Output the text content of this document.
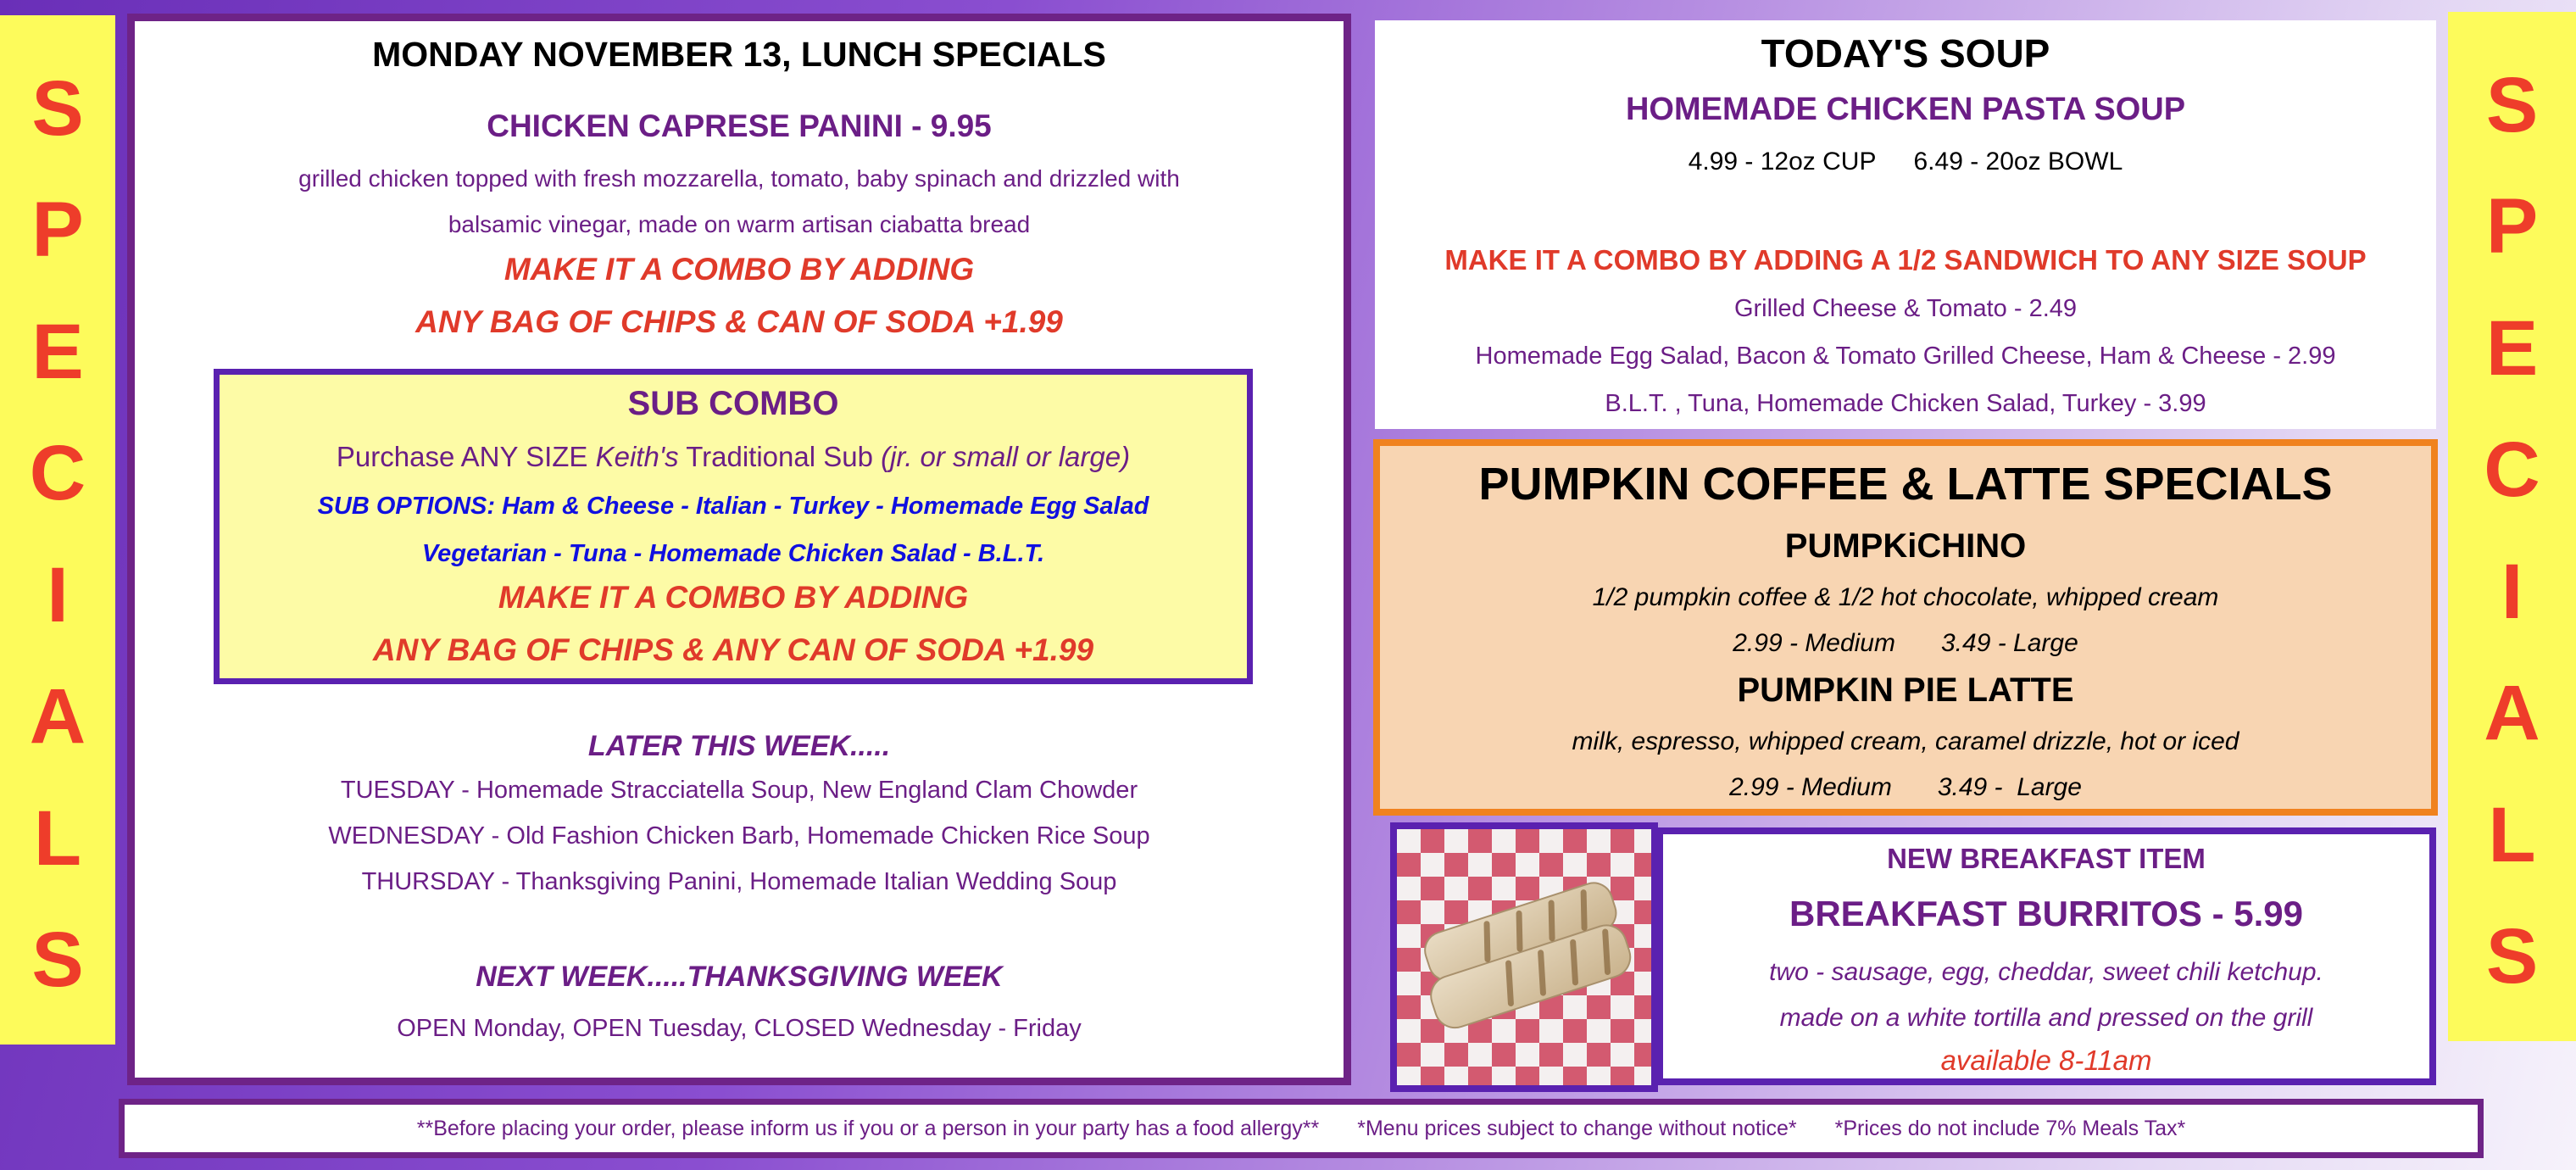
S
P
E
C
I
A
L
S
S
P
E
C
I
A
L
S
MONDAY NOVEMBER 13, LUNCH SPECIALS
CHICKEN CAPRESE PANINI - 9.95
grilled chicken topped with fresh mozzarella, tomato, baby spinach and drizzled with
balsamic vinegar, made on warm artisan ciabatta bread
MAKE IT A COMBO BY ADDING
ANY BAG OF CHIPS & CAN OF SODA +1.99
LATER THIS WEEK.....
TUESDAY - Homemade Stracciatella Soup, New England Clam Chowder
WEDNESDAY - Old Fashion Chicken Barb, Homemade Chicken Rice Soup
THURSDAY - Thanksgiving Panini, Homemade Italian Wedding Soup
NEXT WEEK.....THANKSGIVING WEEK
OPEN Monday, OPEN Tuesday, CLOSED Wednesday - Friday
SUB COMBO
Purchase ANY SIZE Keith's Traditional Sub (jr. or small or large)
SUB OPTIONS: Ham & Cheese - Italian - Turkey - Homemade Egg Salad
Vegetarian - Tuna - Homemade Chicken Salad - B.L.T.
MAKE IT A COMBO BY ADDING
ANY BAG OF CHIPS & ANY CAN OF SODA +1.99
TODAY'S SOUP
HOMEMADE CHICKEN PASTA SOUP
4.99 - 12oz CUP 6.49 - 20oz BOWL
MAKE IT A COMBO BY ADDING A 1/2 SANDWICH TO ANY SIZE SOUP
Grilled Cheese & Tomato - 2.49
Homemade Egg Salad, Bacon & Tomato Grilled Cheese, Ham & Cheese - 2.99
B.L.T. , Tuna, Homemade Chicken Salad, Turkey - 3.99
PUMPKIN COFFEE & LATTE SPECIALS
PUMPKiCHINO
1/2 pumpkin coffee & 1/2 hot chocolate, whipped cream
2.99 - Medium 3.49 - Large
PUMPKIN PIE LATTE
milk, espresso, whipped cream, caramel drizzle, hot or iced
2.99 - Medium 3.49 -  Large
NEW BREAKFAST ITEM
BREAKFAST BURRITOS - 5.99
two - sausage, egg, cheddar, sweet chili ketchup.
made on a white tortilla and pressed on the grill
available 8-11am
**Before placing your order, please inform us if you or a person in your party has a food allergy** *Menu prices subject to change without notice* *Prices do not include 7% Meals Tax*
